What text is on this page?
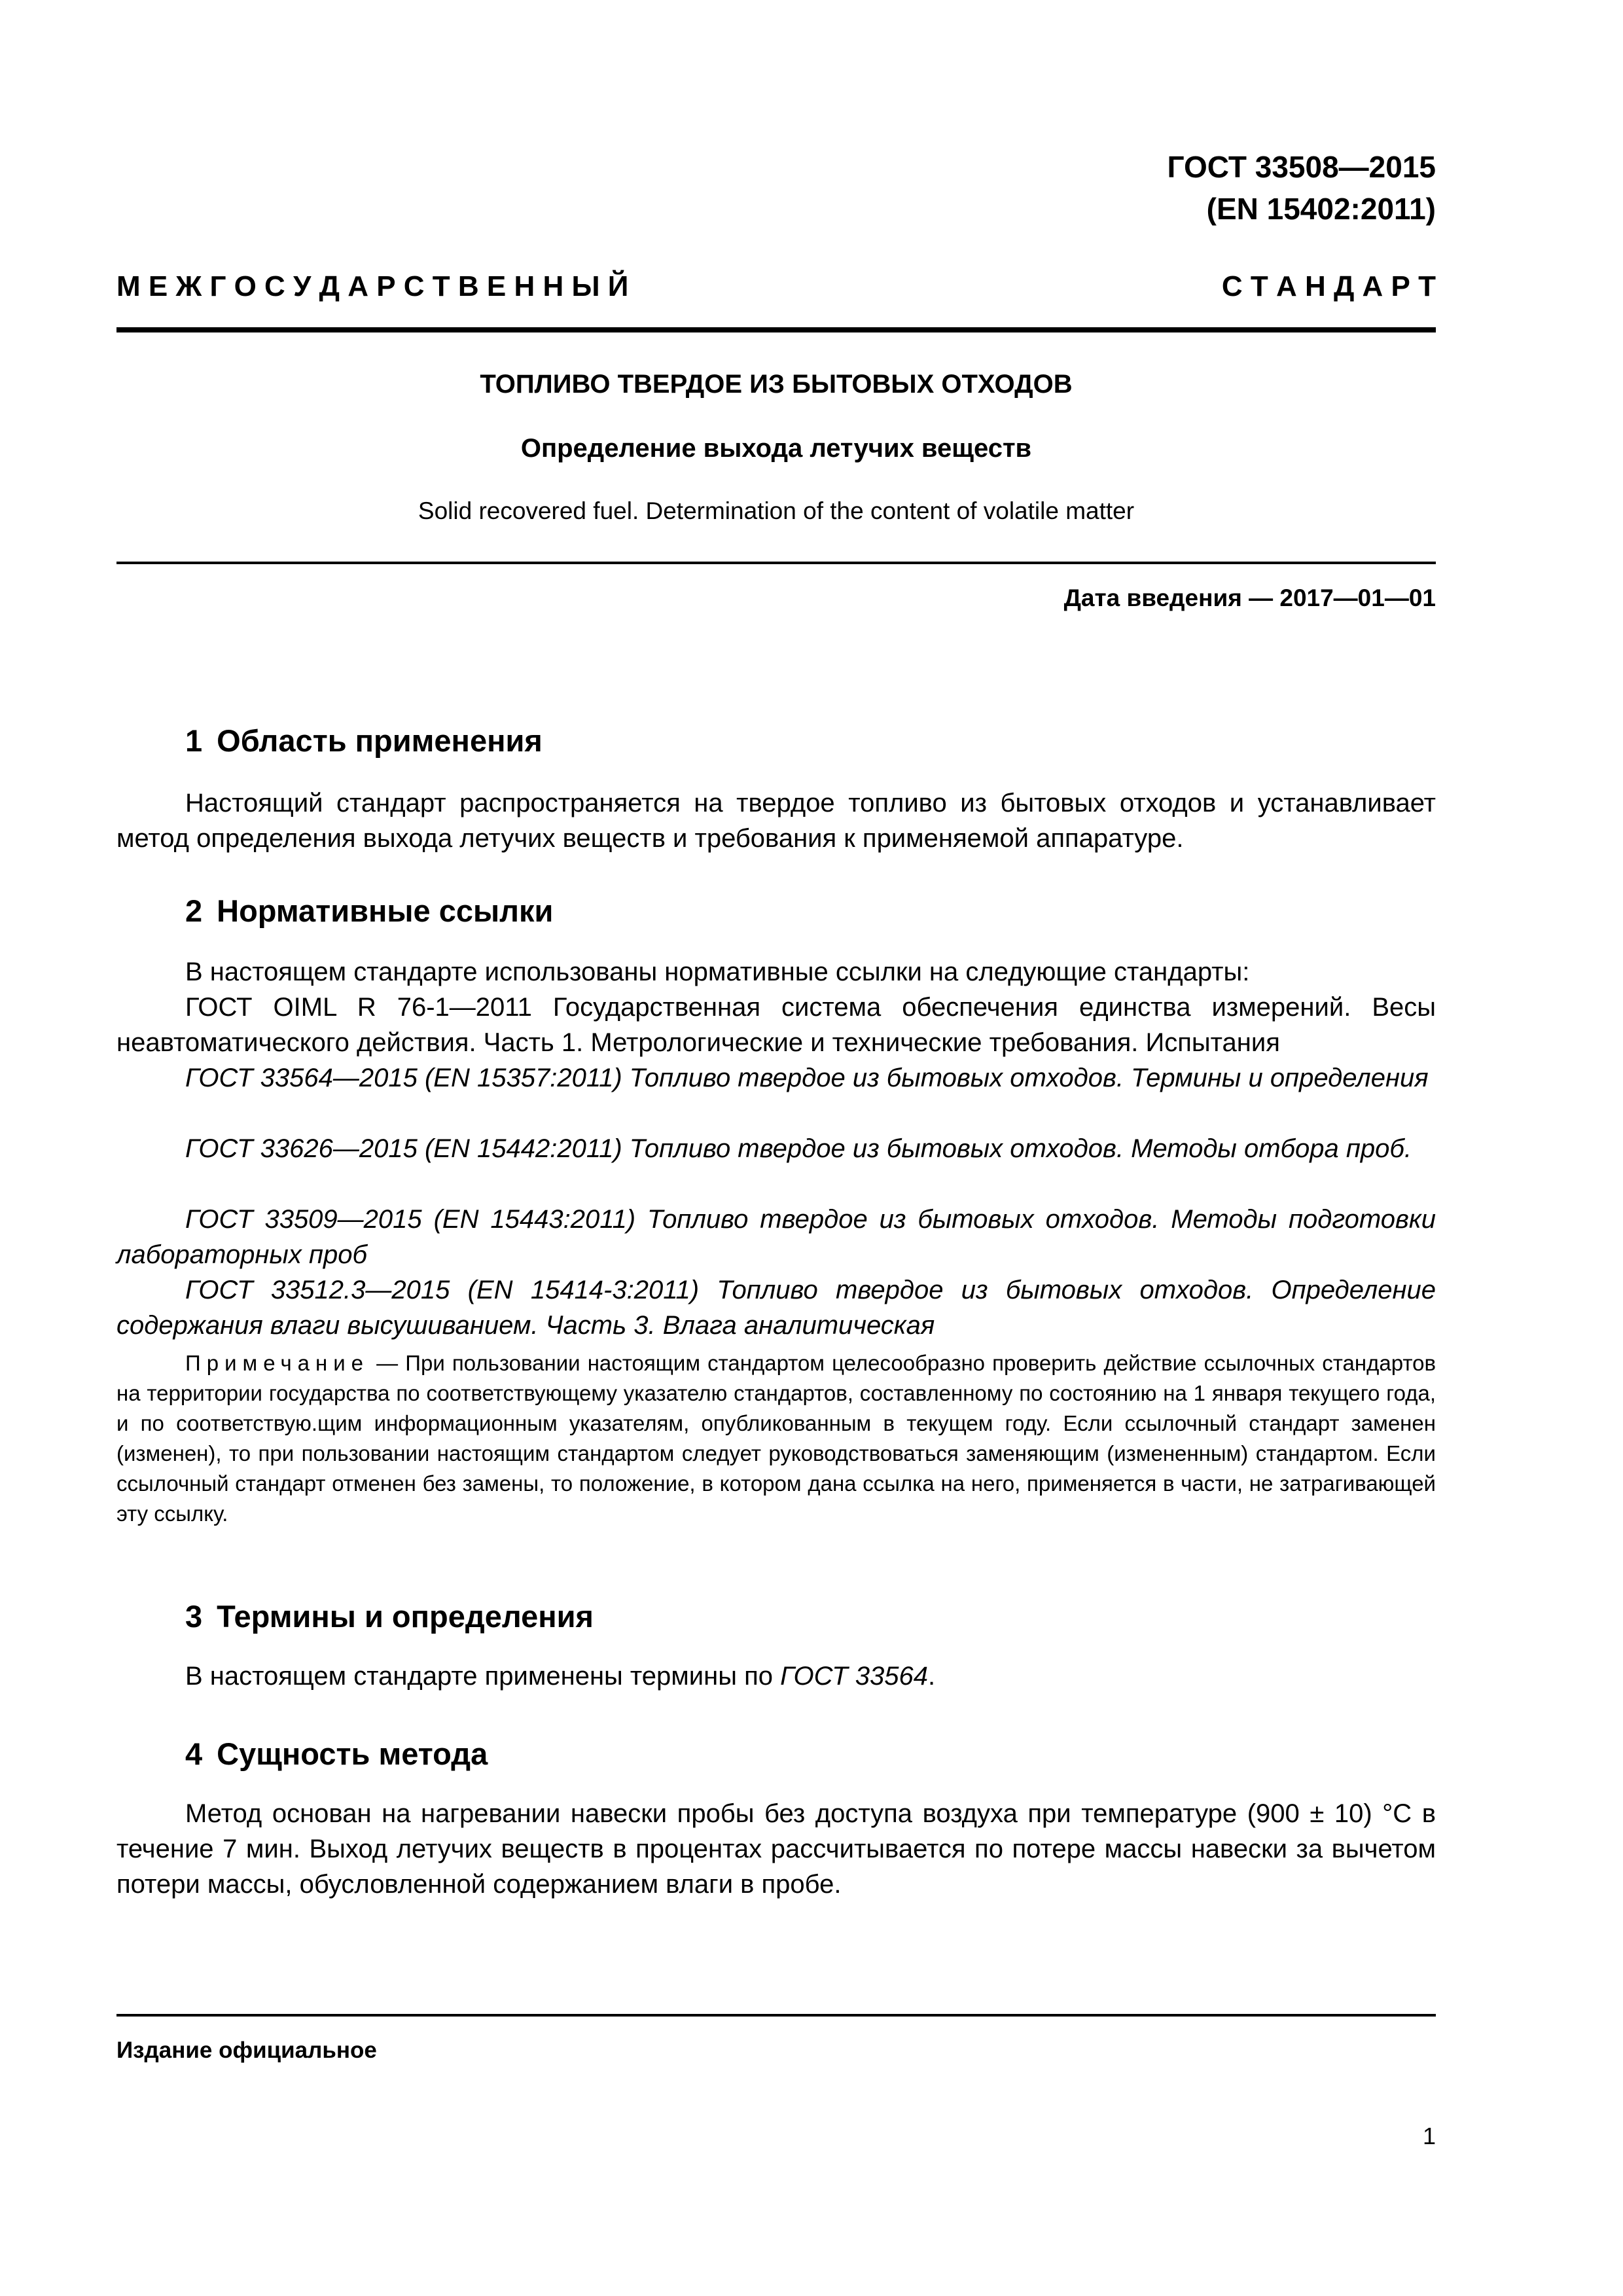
ГОСТ 33508—2015
(EN 15402:2011)
М Е Ж Г О С У Д А Р С Т В Е Н Н Ы Й	С Т А Н Д А Р Т
ТОПЛИВО ТВЕРДОЕ ИЗ БЫТОВЫХ ОТХОДОВ
Определение выхода летучих веществ
Solid recovered fuel. Determination of the content of volatile matter
Дата введения — 2017—01—01
1 Область применения

Настоящий стандарт распространяется на твердое топливо из бытовых отходов и устанавливает метод определения выхода летучих веществ и требования к применяемой аппаратуре.

2 Нормативные ссылки

В настоящем стандарте использованы нормативные ссылки на следующие стандарты:

ГОСТ OIML R 76-1—2011 Государственная система обеспечения единства измерений. Весы неавтоматического действия. Часть 1. Метрологические и технические требования. Испытания

ГОСТ 33564—2015 (EN 15357:2011) Топливо твердое из бытовых отходов. Термины и определения

ГОСТ 33626—2015 (EN 15442:2011) Топливо твердое из бытовых отходов. Методы отбора проб.

ГОСТ 33509—2015 (EN 15443:2011) Топливо твердое из бытовых отходов. Методы подготовки лабораторных проб

ГОСТ 33512.3—2015 (EN 15414-3:2011) Топливо твердое из бытовых отходов. Определение содержания влаги высушиванием. Часть 3. Влага аналитическая

Примечание — При пользовании настоящим стандартом целесообразно проверить действие ссылочных стандартов на территории государства по соответствующему указателю стандартов, составленному по состоянию на 1 января текущего года, и по соответствую.щим информационным указателям, опубликованным в текущем году. Если ссылочный стандарт заменен (изменен), то при пользовании настоящим стандартом следует руководствоваться заменяющим (измененным) стандартом. Если ссылочный стандарт отменен без замены, то положение, в котором дана ссылка на него, применяется в части, не затрагивающей эту ссылку.

3 Термины и определения

В настоящем стандарте применены термины по ГОСТ 33564.

4 Сущность метода

Метод основан на нагревании навески пробы без доступа воздуха при температуре (900 ± 10) °С в течение 7 мин. Выход летучих веществ в процентах рассчитывается по потере массы навески за вычетом потери массы, обусловленной содержанием влаги в пробе.

Издание официальное
1
